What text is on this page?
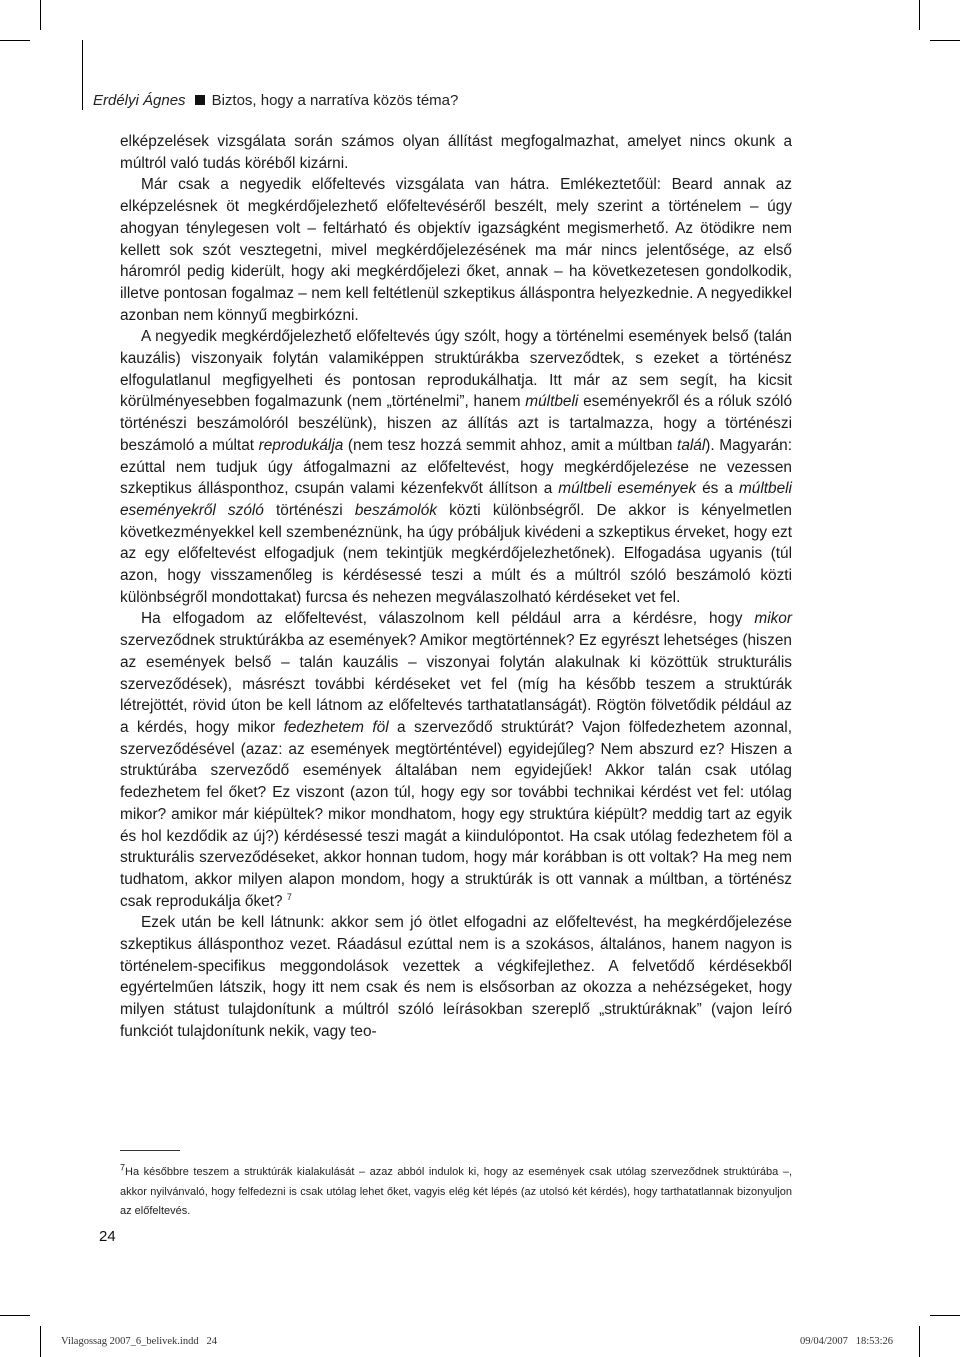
Erdélyi Ágnes Biztos, hogy a narratíva közös téma?

elképzelések vizsgálata során számos olyan állítást megfogalmazhat, amelyet nincs okunk a múltról való tudás köréből kizárni.

Már csak a negyedik előfeltevés vizsgálata van hátra. Emlékeztetőül: Beard annak az elképzelésnek öt megkérdőjelezhető előfeltevéséről beszélt, mely szerint a történelem – úgy ahogyan ténylegesen volt – feltárható és objektív igazságként megismerhető. Az ötödikre nem kellett sok szót vesztegetni, mivel megkérdőjelezésének ma már nincs jelentősége, az első háromról pedig kiderült, hogy aki megkérdőjelezi őket, annak – ha következetesen gondolkodik, illetve pontosan fogalmaz – nem kell feltétlenül szkeptikus álláspontra helyezkednie. A negyedikkel azonban nem könnyű megbirkózni.

A negyedik megkérdőjelezhető előfeltevés úgy szólt, hogy a történelmi események belső (talán kauzális) viszonyaik folytán valamiképpen struktúrákba szerveződtek, s ezeket a történész elfogulatlanul megfigyelheti és pontosan reprodukálhatja. Itt már az sem segít, ha kicsit körülményesebben fogalmazunk (nem „történelmi”, hanem múltbeli eseményekről és a róluk szóló történészi beszámolóról beszélünk), hiszen az állítás azt is tartalmazza, hogy a történészi beszámoló a múltat reprodukálja (nem tesz hozzá semmit ahhoz, amit a múltban talál). Magyarán: ezúttal nem tudjuk úgy átfogalmazni az előfeltevést, hogy megkérdőjelezése ne vezessen szkeptikus állásponthoz, csupán valami kézenfekvőt állítson a múltbeli események és a múltbeli eseményekről szóló történészi beszámolók közti különbségről. De akkor is kényelmetlen következményekkel kell szembenéznünk, ha úgy próbáljuk kivédeni a szkeptikus érveket, hogy ezt az egy előfeltevést elfogadjuk (nem tekintjük megkérdőjelezhetőnek). Elfogadása ugyanis (túl azon, hogy visszamenőleg is kérdésessé teszi a múlt és a múltról szóló beszámoló közti különbségről mondottakat) furcsa és nehezen megválaszolható kérdéseket vet fel.

Ha elfogadom az előfeltevést, válaszolnom kell például arra a kérdésre, hogy mikor szerveződnek struktúrákba az események? Amikor megtörténnek? Ez egyrészt lehetséges (hiszen az események belső – talán kauzális – viszonyai folytán alakulnak ki közöttük strukturális szerveződések), másrészt további kérdéseket vet fel (míg ha később teszem a struktúrák létrejöttét, rövid úton be kell látnom az előfeltevés tarthatatlanságát). Rögtön fölvetődik például az a kérdés, hogy mikor fedezhetem föl a szerveződő struktúrát? Vajon fölfedezhetem azonnal, szerveződésével (azaz: az események megtörténtével) egyidejűleg? Nem abszurd ez? Hiszen a struktúrába szerveződő események általában nem egyidejűek! Akkor talán csak utólag fedezhetem fel őket? Ez viszont (azon túl, hogy egy sor további technikai kérdést vet fel: utólag mikor? amikor már kiépültek? mikor mondhatom, hogy egy struktúra kiépült? meddig tart az egyik és hol kezdődik az új?) kérdésessé teszi magát a kiindulópontot. Ha csak utólag fedezhetem föl a strukturális szerveződéseket, akkor honnan tudom, hogy már korábban is ott voltak? Ha meg nem tudhatom, akkor milyen alapon mondom, hogy a struktúrák is ott vannak a múltban, a történész csak reprodukálja őket? $^7$

Ezek után be kell látnunk: akkor sem jó ötlet elfogadni az előfeltevést, ha megkérdőjelezése szkeptikus állásponthoz vezet. Ráadásul ezúttal nem is a szokásos, általános, hanem nagyon is történelem-specifikus meggondolások vezettek a végkifejlethez. A felvetődő kérdésekből egyértelműen látszik, hogy itt nem csak és nem is elsősorban az okozza a nehézségeket, hogy milyen státust tulajdonítunk a múltról szóló leírásokban szereplő „struktúráknak” (vajon leíró funkciót tulajdonítunk nekik, vagy teo-

$^7$Ha későbbre teszem a struktúrák kialakulását – azaz abból indulok ki, hogy az események csak utólag szerveződnek struktúrába –, akkor nyilvánvaló, hogy felfedezni is csak utólag lehet őket, vagyis elég két lépés (az utolsó két kérdés), hogy tarthatatlannak bizonyuljon az előfeltevés.
24
Vilagossag 2007_6_belivek.indd   24	09/04/2007   18:53:26
